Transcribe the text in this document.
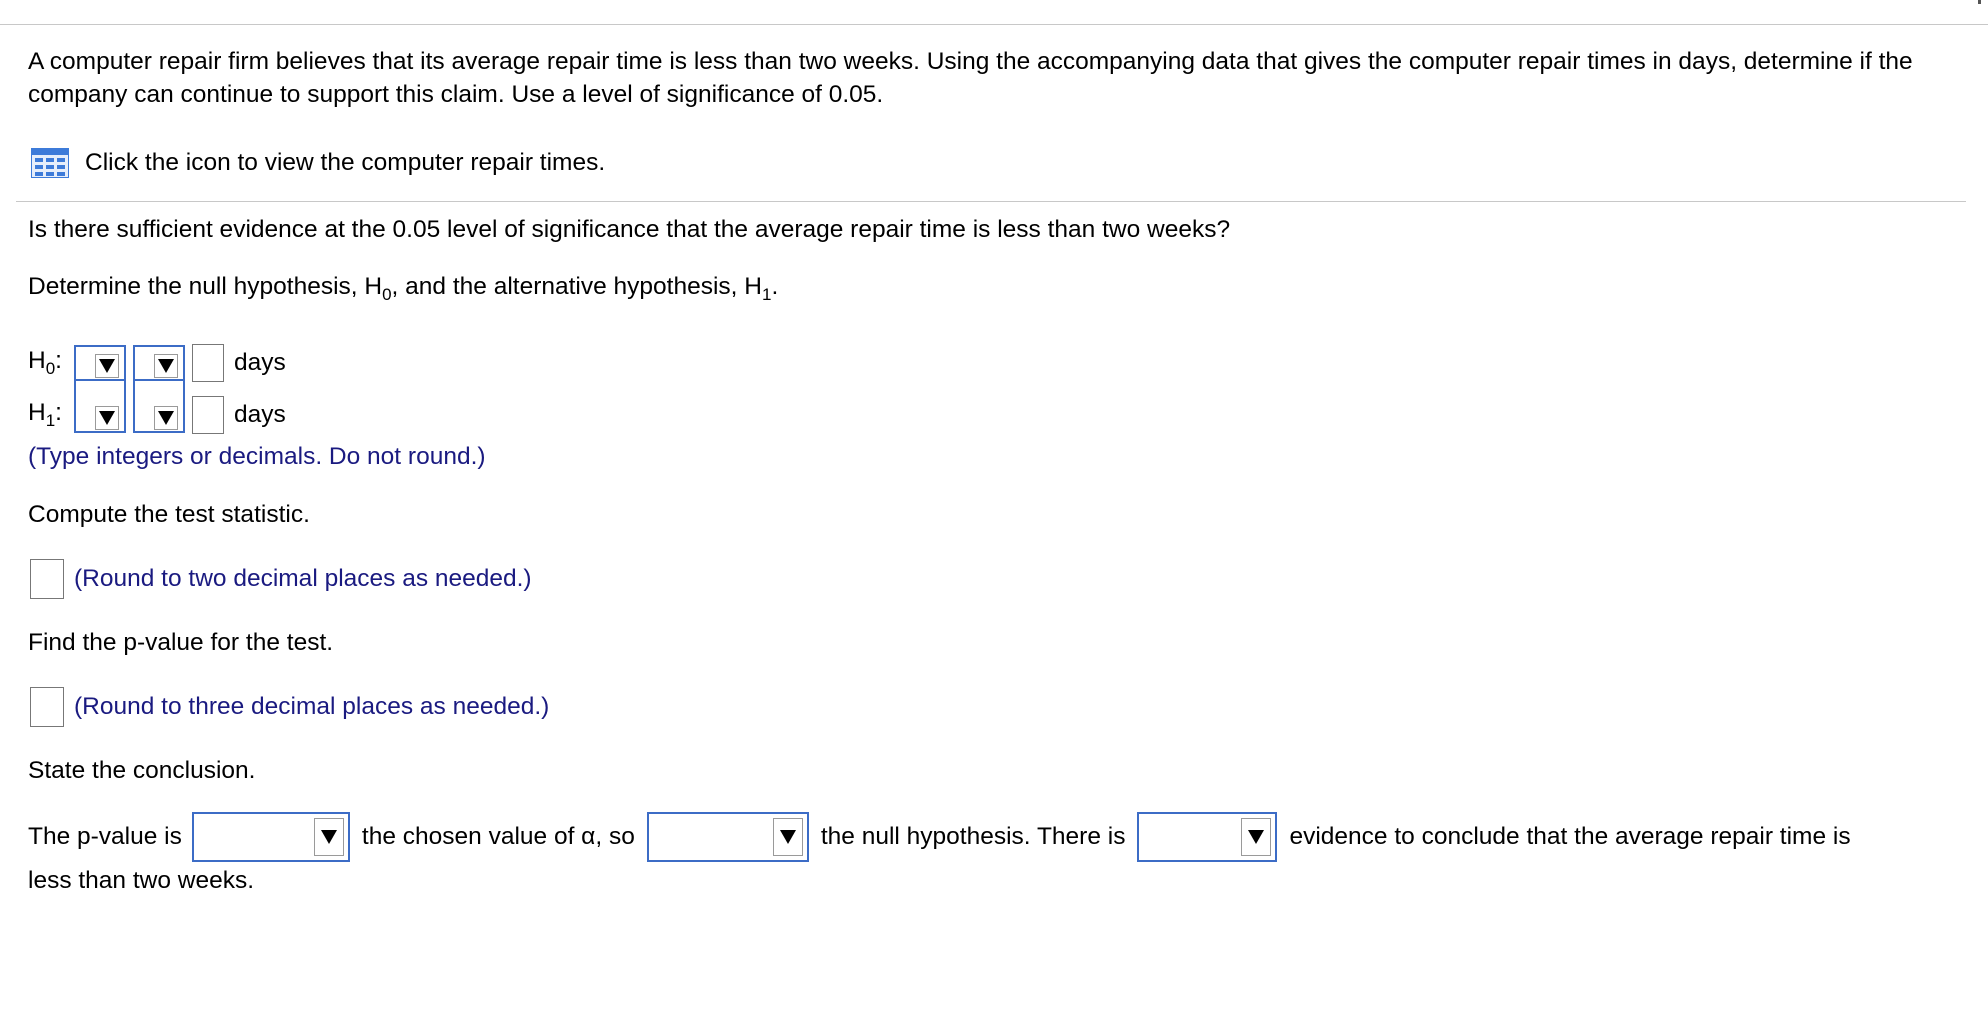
A computer repair firm believes that its average repair time is less than two weeks. Using the accompanying data that gives the computer repair times in days, determine if the company can continue to support this claim. Use a level of significance of 0.05.
Click the icon to view the computer repair times.
Is there sufficient evidence at the 0.05 level of significance that the average repair time is less than two weeks?
Determine the null hypothesis, $H_0$, and the alternative hypothesis, $H_1$.
$H_0$:	days
$H_1$:	days
(Type integers or decimals. Do not round.)
Compute the test statistic.
(Round to two decimal places as needed.)
Find the p-value for the test.
(Round to three decimal places as needed.)
State the conclusion.
The p-value is	the chosen value of α, so	the null hypothesis. There is	evidence to conclude that the average repair time is
less than two weeks.
